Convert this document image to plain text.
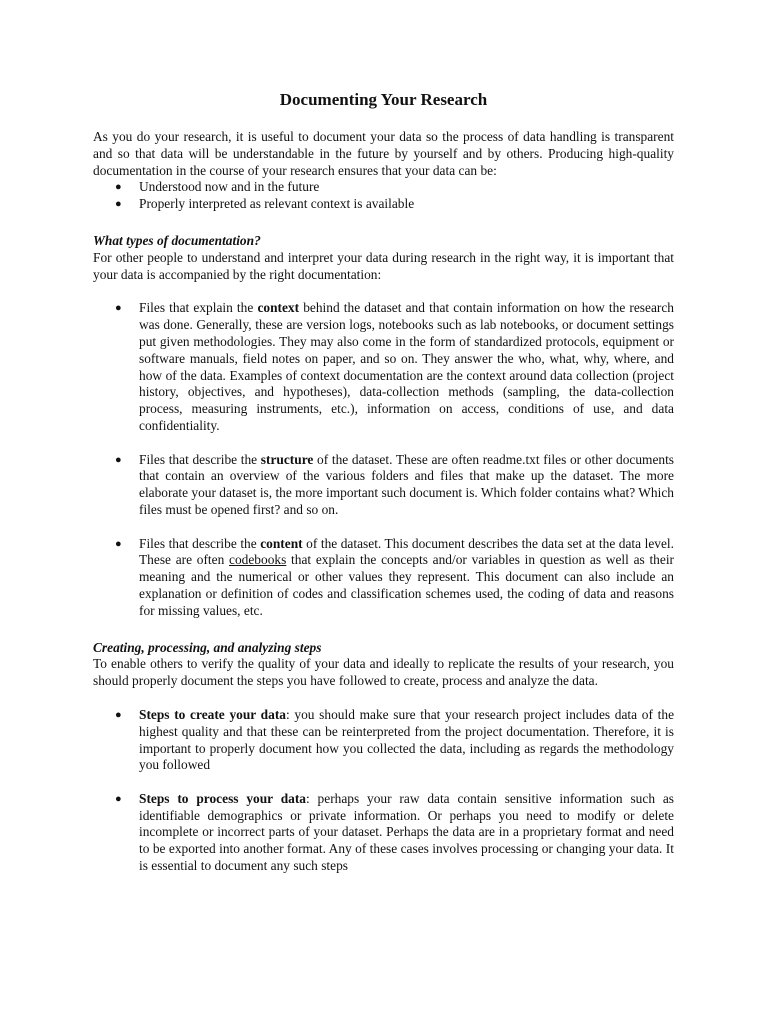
Documenting Your Research

As you do your research, it is useful to document your data so the process of data handling is transparent and so that data will be understandable in the future by yourself and by others. Producing high-quality documentation in the course of your research ensures that your data can be:

● Understood now and in the future
● Properly interpreted as relevant context is available

What types of documentation?

For other people to understand and interpret your data during research in the right way, it is important that your data is accompanied by the right documentation:

● Files that explain the context behind the dataset and that contain information on how the research was done. Generally, these are version logs, notebooks such as lab notebooks, or document settings put given methodologies. They may also come in the form of standardized protocols, equipment or software manuals, field notes on paper, and so on. They answer the who, what, why, where, and how of the data. Examples of context documentation are the context around data collection (project history, objectives, and hypotheses), data-collection methods (sampling, the data-collection process, measuring instruments, etc.), information on access, conditions of use, and data confidentiality.
● Files that describe the structure of the dataset. These are often readme.txt files or other documents that contain an overview of the various folders and files that make up the dataset. The more elaborate your dataset is, the more important such document is. Which folder contains what? Which files must be opened first? and so on.
● Files that describe the content of the dataset. This document describes the data set at the data level. These are often codebooks that explain the concepts and/or variables in question as well as their meaning and the numerical or other values they represent. This document can also include an explanation or definition of codes and classification schemes used, the coding of data and reasons for missing values, etc.

Creating, processing, and analyzing steps

To enable others to verify the quality of your data and ideally to replicate the results of your research, you should properly document the steps you have followed to create, process and analyze the data.

● Steps to create your data: you should make sure that your research project includes data of the highest quality and that these can be reinterpreted from the project documentation. Therefore, it is important to properly document how you collected the data, including as regards the methodology you followed
● Steps to process your data: perhaps your raw data contain sensitive information such as identifiable demographics or private information. Or perhaps you need to modify or delete incomplete or incorrect parts of your dataset. Perhaps the data are in a proprietary format and need to be exported into another format. Any of these cases involves processing or changing your data. It is essential to document any such steps
